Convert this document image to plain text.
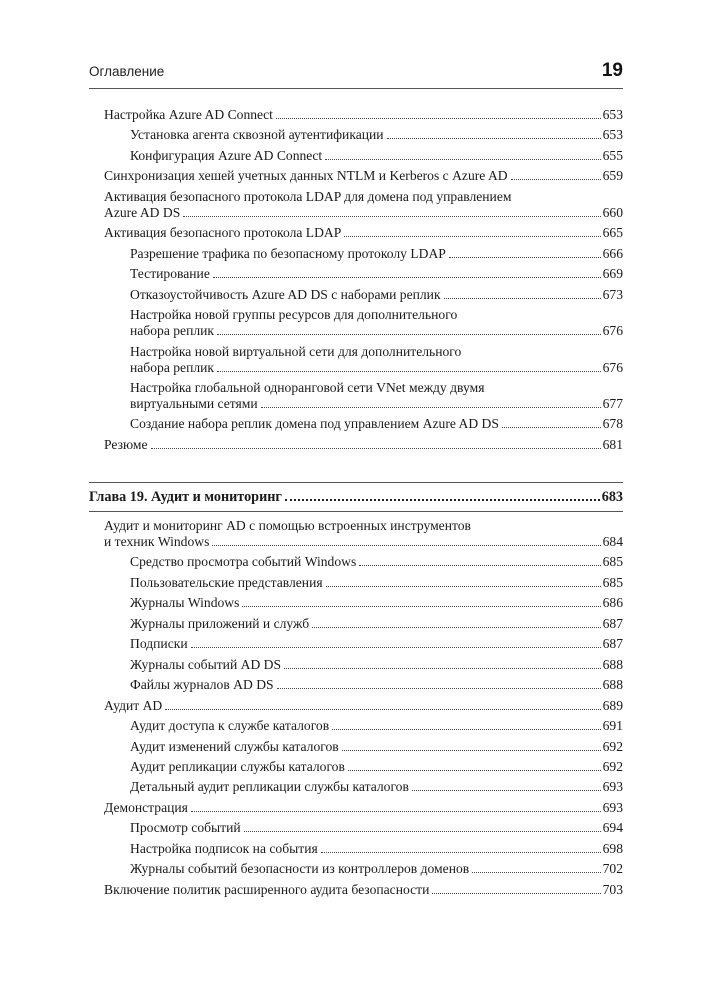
Оглавление	19
Настройка Azure AD Connect	653
Установка агента сквозной аутентификации	653
Конфигурация Azure AD Connect	655
Синхронизация хешей учетных данных NTLM и Kerberos с Azure AD	659
Активация безопасного протокола LDAP для домена под управлением
Azure AD DS	660
Активация безопасного протокола LDAP	665
Разрешение трафика по безопасному протоколу LDAP	666
Тестирование	669
Отказоустойчивость Azure AD DS с наборами реплик	673
Настройка новой группы ресурсов для дополнительного
набора реплик	676
Настройка новой виртуальной сети для дополнительного
набора реплик	676
Настройка глобальной одноранговой сети VNet между двумя
виртуальными сетями	677
Создание набора реплик домена под управлением Azure AD DS	678
Резюме	681
Глава 19. Аудит и мониторинг	683
Аудит и мониторинг AD с помощью встроенных инструментов
и техник Windows	684
Средство просмотра событий Windows	685
Пользовательские представления	685
Журналы Windows	686
Журналы приложений и служб	687
Подписки	687
Журналы событий AD DS	688
Файлы журналов AD DS	688
Аудит AD	689
Аудит доступа к службе каталогов	691
Аудит изменений службы каталогов	692
Аудит репликации службы каталогов	692
Детальный аудит репликации службы каталогов	693
Демонстрация	693
Просмотр событий	694
Настройка подписок на события	698
Журналы событий безопасности из контроллеров доменов	702
Включение политик расширенного аудита безопасности	703
